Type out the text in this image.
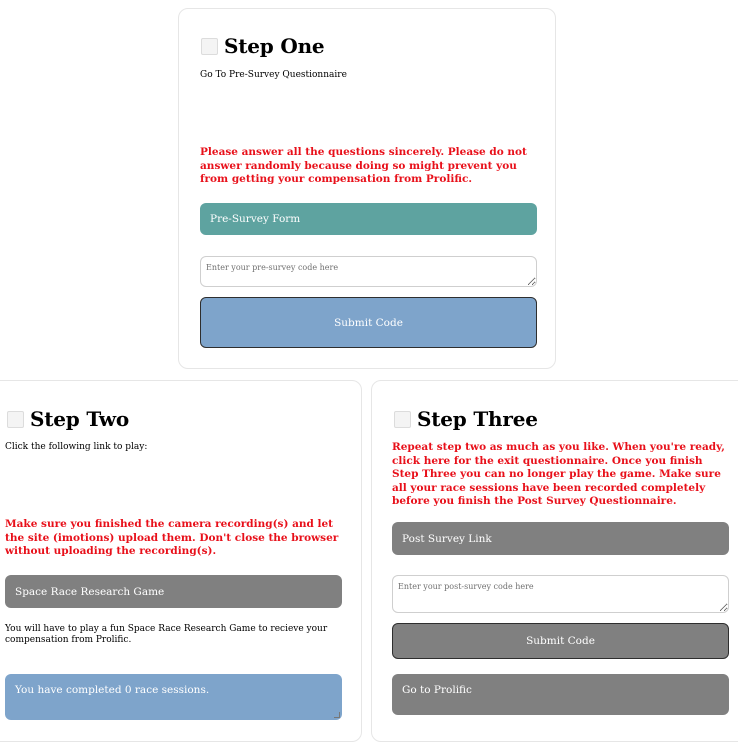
Step One
Go To Pre-Survey Questionnaire
Please answer all the questions sincerely. Please do not answer randomly because doing so might prevent you from getting your compensation from Prolific.
Pre-Survey Form
Enter your pre-survey code here
Submit Code
Step Two
Click the following link to play:
Make sure you finished the camera recording(s) and let the site (imotions) upload them. Don't close the browser without uploading the recording(s).
Space Race Research Game
You will have to play a fun Space Race Research Game to recieve your compensation from Prolific.
You have completed 0 race sessions.
Step Three
Repeat step two as much as you like. When you're ready, click here for the exit questionnaire. Once you finish Step Three you can no longer play the game. Make sure all your race sessions have been recorded completely before you finish the Post Survey Questionnaire.
Post Survey Link
Enter your post-survey code here
Submit Code
Go to Prolific
